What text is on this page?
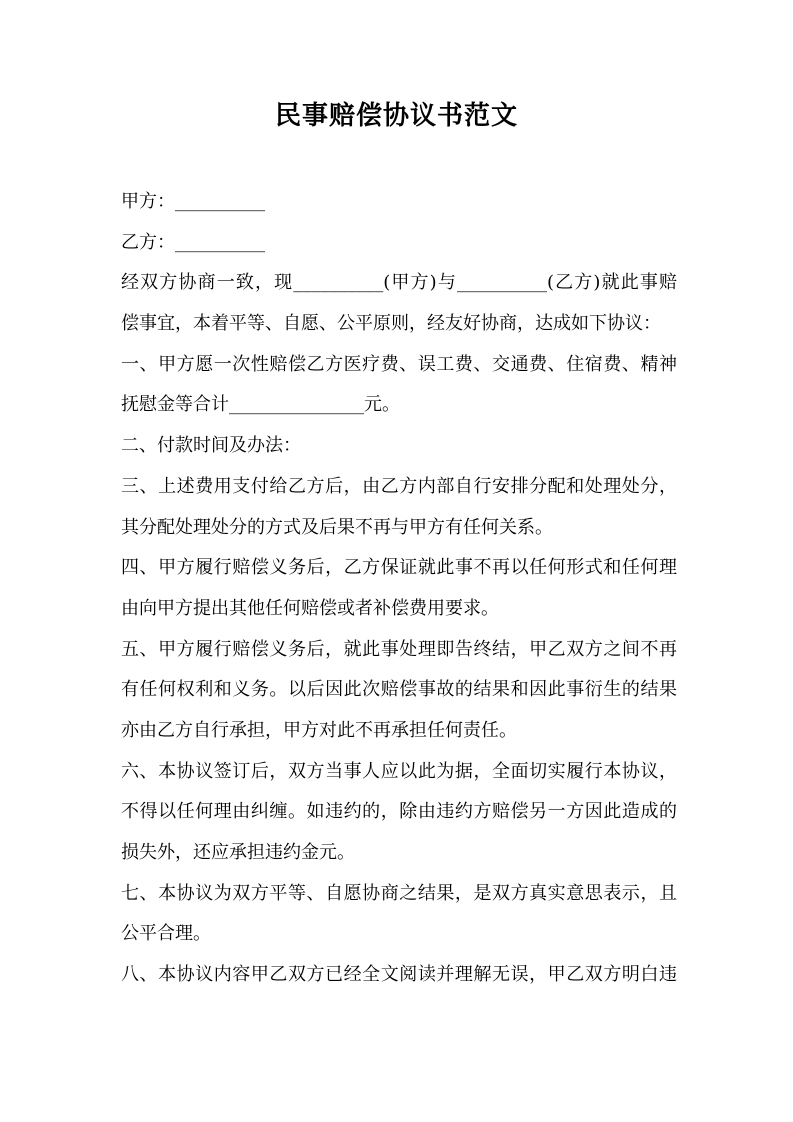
民事赔偿协议书范文
甲方：__________
乙方：__________
经双方协商一致，现__________(甲方)与__________(乙方)就此事赔
偿事宜，本着平等、自愿、公平原则，经友好协商，达成如下协议：
一、甲方愿一次性赔偿乙方医疗费、误工费、交通费、住宿费、精神
抚慰金等合计_______________元。
二、付款时间及办法：
三、上述费用支付给乙方后，由乙方内部自行安排分配和处理处分，
其分配处理处分的方式及后果不再与甲方有任何关系。
四、甲方履行赔偿义务后，乙方保证就此事不再以任何形式和任何理
由向甲方提出其他任何赔偿或者补偿费用要求。
五、甲方履行赔偿义务后，就此事处理即告终结，甲乙双方之间不再
有任何权利和义务。以后因此次赔偿事故的结果和因此事衍生的结果
亦由乙方自行承担，甲方对此不再承担任何责任。
六、本协议签订后，双方当事人应以此为据，全面切实履行本协议，
不得以任何理由纠缠。如违约的，除由违约方赔偿另一方因此造成的
损失外，还应承担违约金元。
七、本协议为双方平等、自愿协商之结果，是双方真实意思表示，且
公平合理。
八、本协议内容甲乙双方已经全文阅读并理解无误，甲乙双方明白违
